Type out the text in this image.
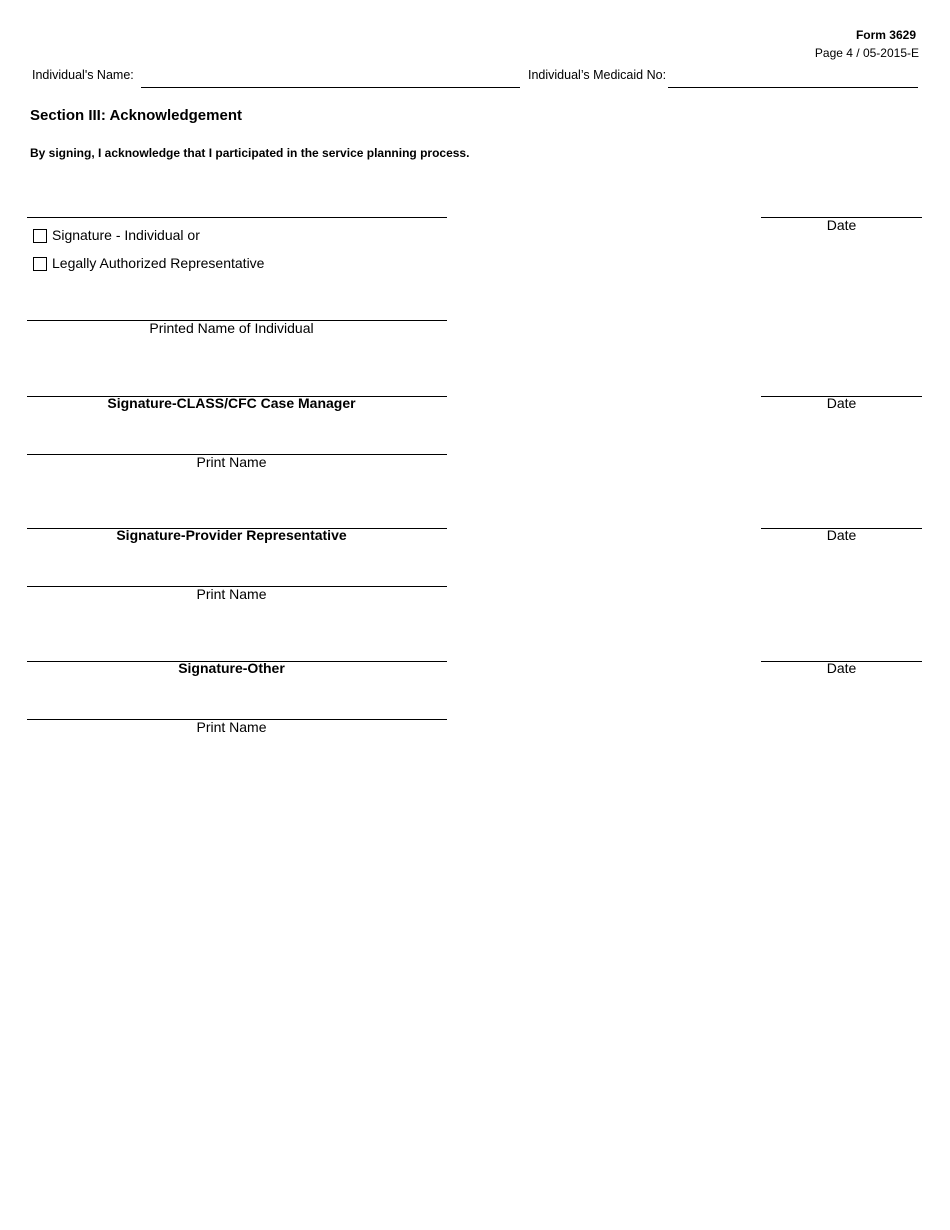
Form 3629
Page 4 / 05-2015-E
Individual's Name:	Individual’s Medicaid No:
Section III: Acknowledgement
By signing, I acknowledge that I participated in the service planning process.
Date
Signature - Individual or
Legally Authorized Representative
Printed Name of Individual
Signature-CLASS/CFC Case Manager	Date
Print Name
Signature-Provider Representative	Date
Print Name
Signature-Other	Date
Print Name
